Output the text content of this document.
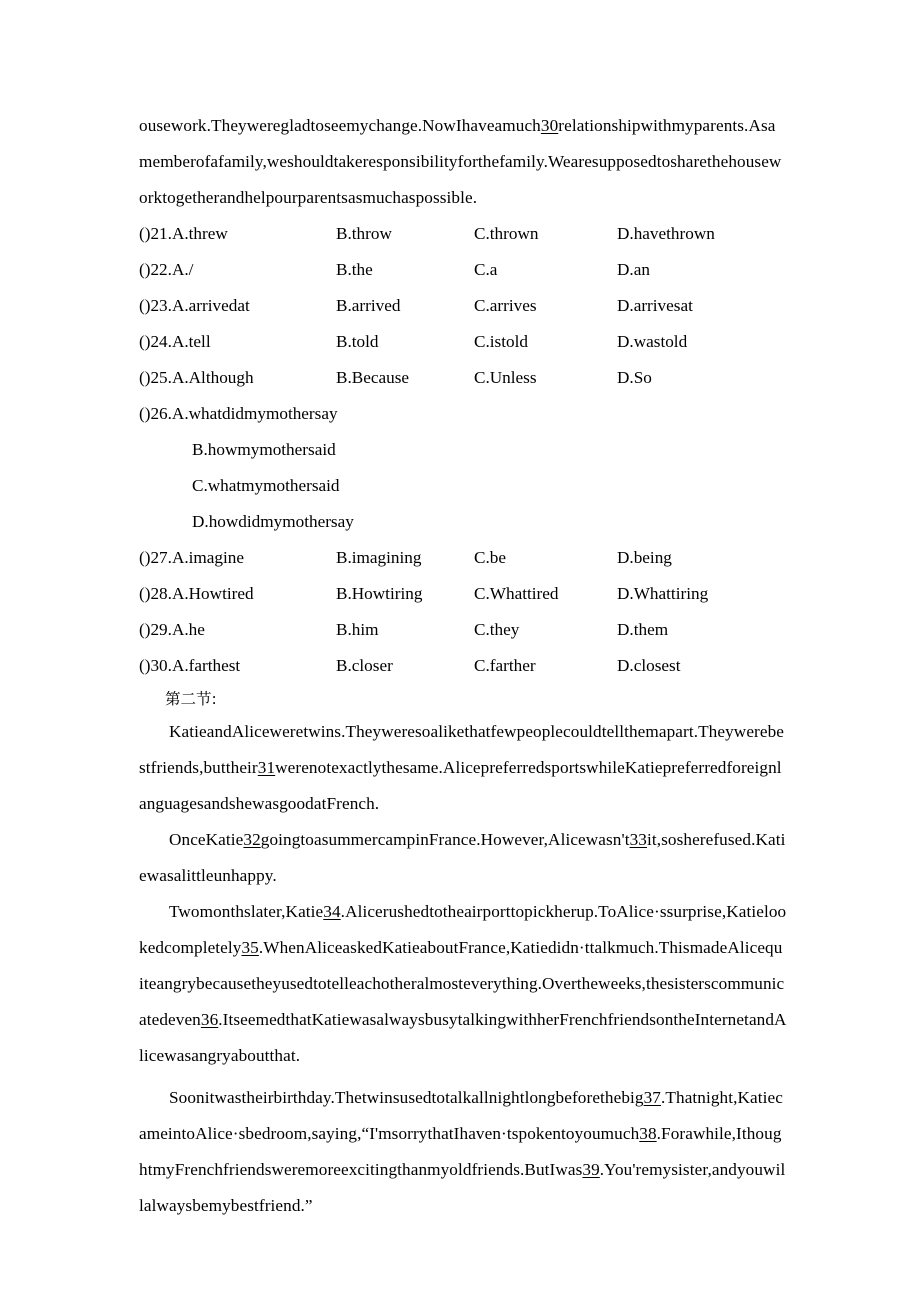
ousework.Theyweregladtoseemychange.NowIhaveamuch30relationshipwithmyparents.Asamemberofafamily,weshouldtakeresponsibilityforthefamily.Wearesupposedtosharethehouseworktogetherandhelpourparentsasmuchaspossible.

()21.A.threw	B.throw	C.thrown	D.havethrown
()22.A./	B.the	C.a	D.an
()23.A.arrivedat	B.arrived	C.arrives	D.arrivesat
()24.A.tell	B.told	C.istold	D.wastold
()25.A.Although	B.Because	C.Unless	D.So
()26.A.whatdidmymothersay
B.howmymothersaid
C.whatmymothersaid
D.howdidmymothersay
()27.A.imagine	B.imagining	C.be	D.being
()28.A.Howtired	B.Howtiring	C.Whattired	D.Whattiring
()29.A.he	B.him	C.they	D.them
()30.A.farthest	B.closer	C.farther	D.closest
第二节:

KatieandAliceweretwins.Theyweresoalikethatfewpeoplecouldtellthemapart.Theywerebestfriends,buttheir31werenotexactlythesame.AlicepreferredsportswhileKatiepreferredforeignlanguagesandshewasgoodatFrench.

OnceKatie32goingtoasummercampinFrance.However,Alicewasn't33it,sosherefused.Katiewasalittleunhappy.

Twomonthslater,Katie34.Alicerushedtotheairporttopickherup.ToAlice·ssurprise,Katielookedcompletely35.WhenAliceaskedKatieaboutFrance,Katiedidn·ttalkmuch.Thismade​Alicequiteangrybecausetheyusedtotelleachotheralmosteverything.Overtheweeks,thesisterscommunicatedeven36.ItseemedthatKatiewasalwaysbusytalkingwithherFrenchfriendsontheInternetandAlicewasangryaboutthat.

Soonitwastheirbirthday.Thetwinsusedtotalkallnightlongbeforethebig37.Thatnight,KatiecameintoAlice·sbedroom,saying,“I'msorrythatIhaven·tspokentoyoumuch38.Forawhile,IthoughtmyFrenchfriendsweremoreexcitingthanmyoldfriends.ButIwas39.You'remysister,andyouwillalwaysbemybestfriend.”
